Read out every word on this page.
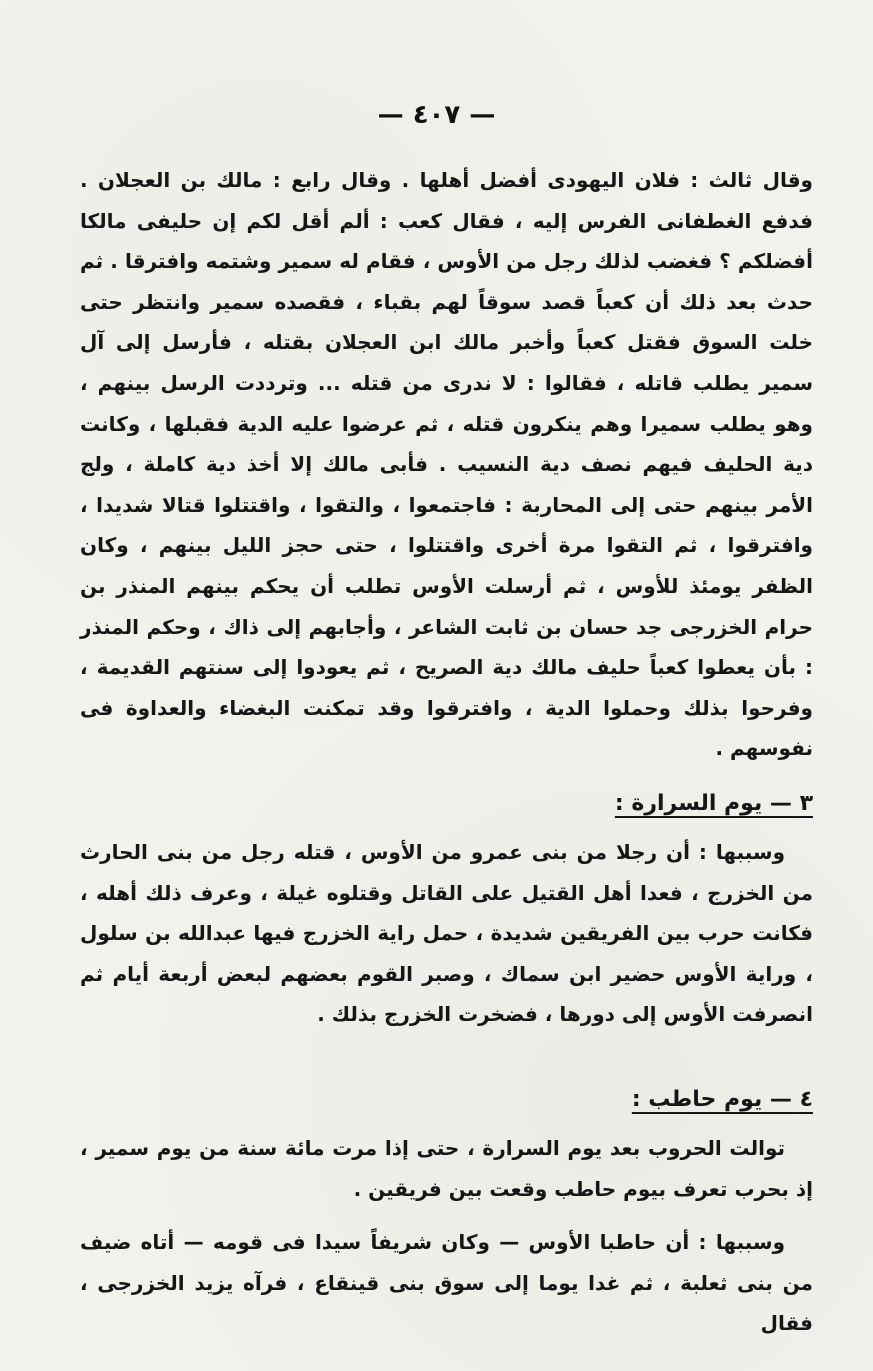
— ٤٠٧ —

وقال ثالث : فلان اليهودى أفضل أهلها . وقال رابع : مالك بن العجلان . فدفع الغطفانى الفرس إليه ، فقال كعب : ألم أقل لكم إن حليفى مالكا أفضلكم ؟ فغضب لذلك رجل من الأوس ، فقام له سمير وشتمه وافترقا . ثم حدث بعد ذلك أن كعباً قصد سوقاً لهم بقباء ، فقصده سمير وانتظر حتى خلت السوق فقتل كعباً وأخبر مالك ابن العجلان بقتله ، فأرسل إلى آل سمير يطلب قاتله ، فقالوا : لا ندرى من قتله ... وترددت الرسل بينهم ، وهو يطلب سميرا وهم ينكرون قتله ، ثم عرضوا عليه الدية فقبلها ، وكانت دية الحليف فيهم نصف دية النسيب . فأبى مالك إلا أخذ دية كاملة ، ولج الأمر بينهم حتى إلى المحاربة : فاجتمعوا ، والتقوا ، واقتتلوا قتالا شديدا ، وافترقوا ، ثم التقوا مرة أخرى واقتتلوا ، حتى حجز الليل بينهم ، وكان الظفر يومئذ للأوس ، ثم أرسلت الأوس تطلب أن يحكم بينهم المنذر بن حرام الخزرجى جد حسان بن ثابت الشاعر ، وأجابهم إلى ذاك ، وحكم المنذر : بأن يعطوا كعباً حليف مالك دية الصريح ، ثم يعودوا إلى سنتهم القديمة ، وفرحوا بذلك وحملوا الدية ، وافترقوا وقد تمكنت البغضاء والعداوة فى نفوسهم .

٣ — يوم السرارة :

وسببها : أن رجلا من بنى عمرو من الأوس ، قتله رجل من بنى الحارث من الخزرج ، فعدا أهل القتيل على القاتل وقتلوه غيلة ، وعرف ذلك أهله ، فكانت حرب بين الفريقين شديدة ، حمل راية الخزرج فيها عبدالله بن سلول ، وراية الأوس حضير ابن سماك ، وصبر القوم بعضهم لبعض أربعة أيام ثم انصرفت الأوس إلى دورها ، فضخرت الخزرج بذلك .

٤ — يوم حاطب :

توالت الحروب بعد يوم السرارة ، حتى إذا مرت مائة سنة من يوم سمير ، إذ بحرب تعرف بيوم حاطب وقعت بين فريقين .

وسببها : أن حاطبا الأوس — وكان شريفاً سيدا فى قومه — أتاه ضيف من بنى ثعلبة ، ثم غدا يوما إلى سوق بنى قينقاع ، فرآه يزيد الخزرجى ، فقال
